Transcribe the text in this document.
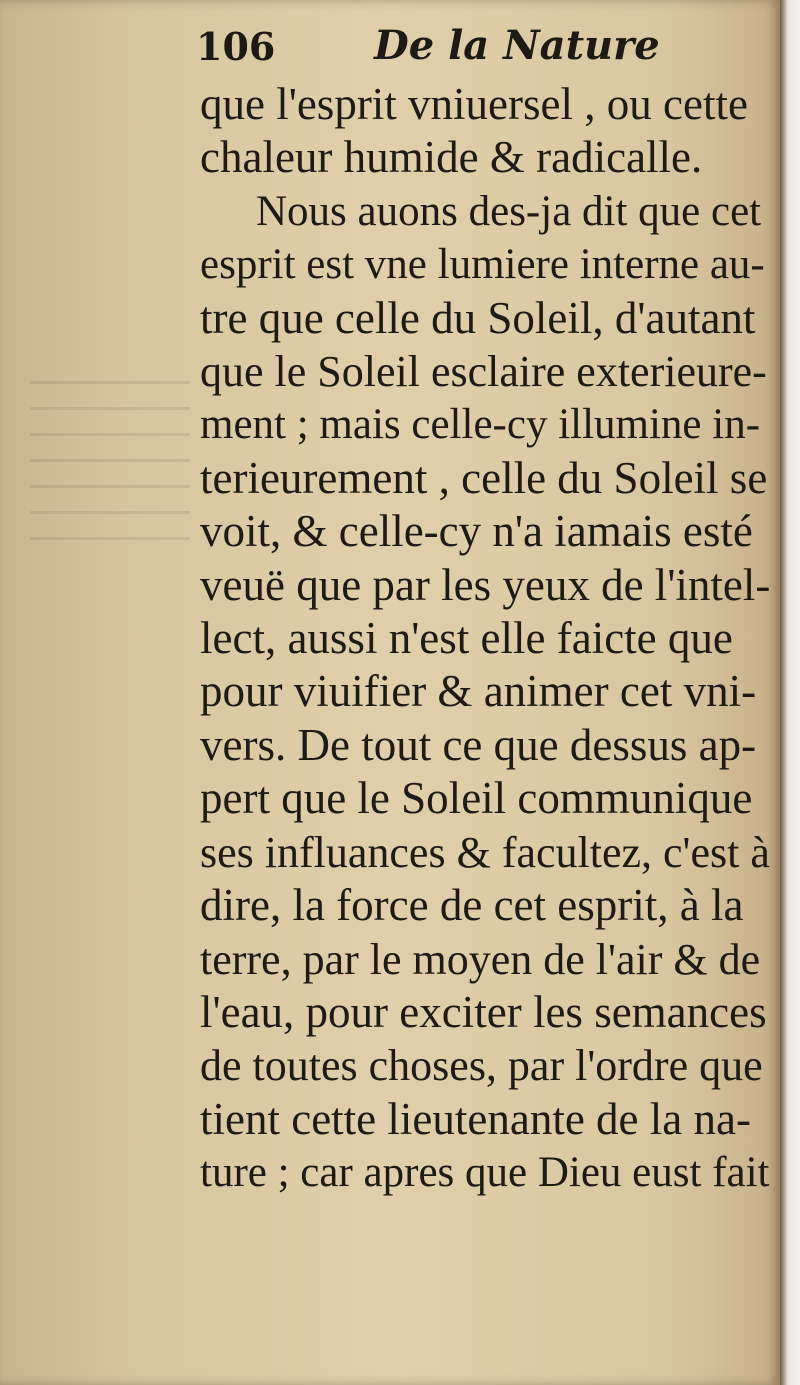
106 De la Nature
que l'esprit vniuersel , ou cette
chaleur humide & radicalle.
Nous auons des-ja dit que cet
esprit est vne lumiere interne au-
tre que celle du Soleil, d'autant
que le Soleil esclaire exterieure-
ment ; mais celle-cy illumine in-
terieurement , celle du Soleil se
voit, & celle-cy n'a iamais esté
veuë que par les yeux de l'intel-
lect, aussi n'est elle faicte que
pour viuifier & animer cet vni-
vers. De tout ce que dessus ap-
pert que le Soleil communique
ses influances & facultez, c'est à
dire, la force de cet esprit, à la
terre, par le moyen de l'air & de
l'eau, pour exciter les semances
de toutes choses, par l'ordre que
tient cette lieutenante de la na-
ture ; car apres que Dieu eust fait
